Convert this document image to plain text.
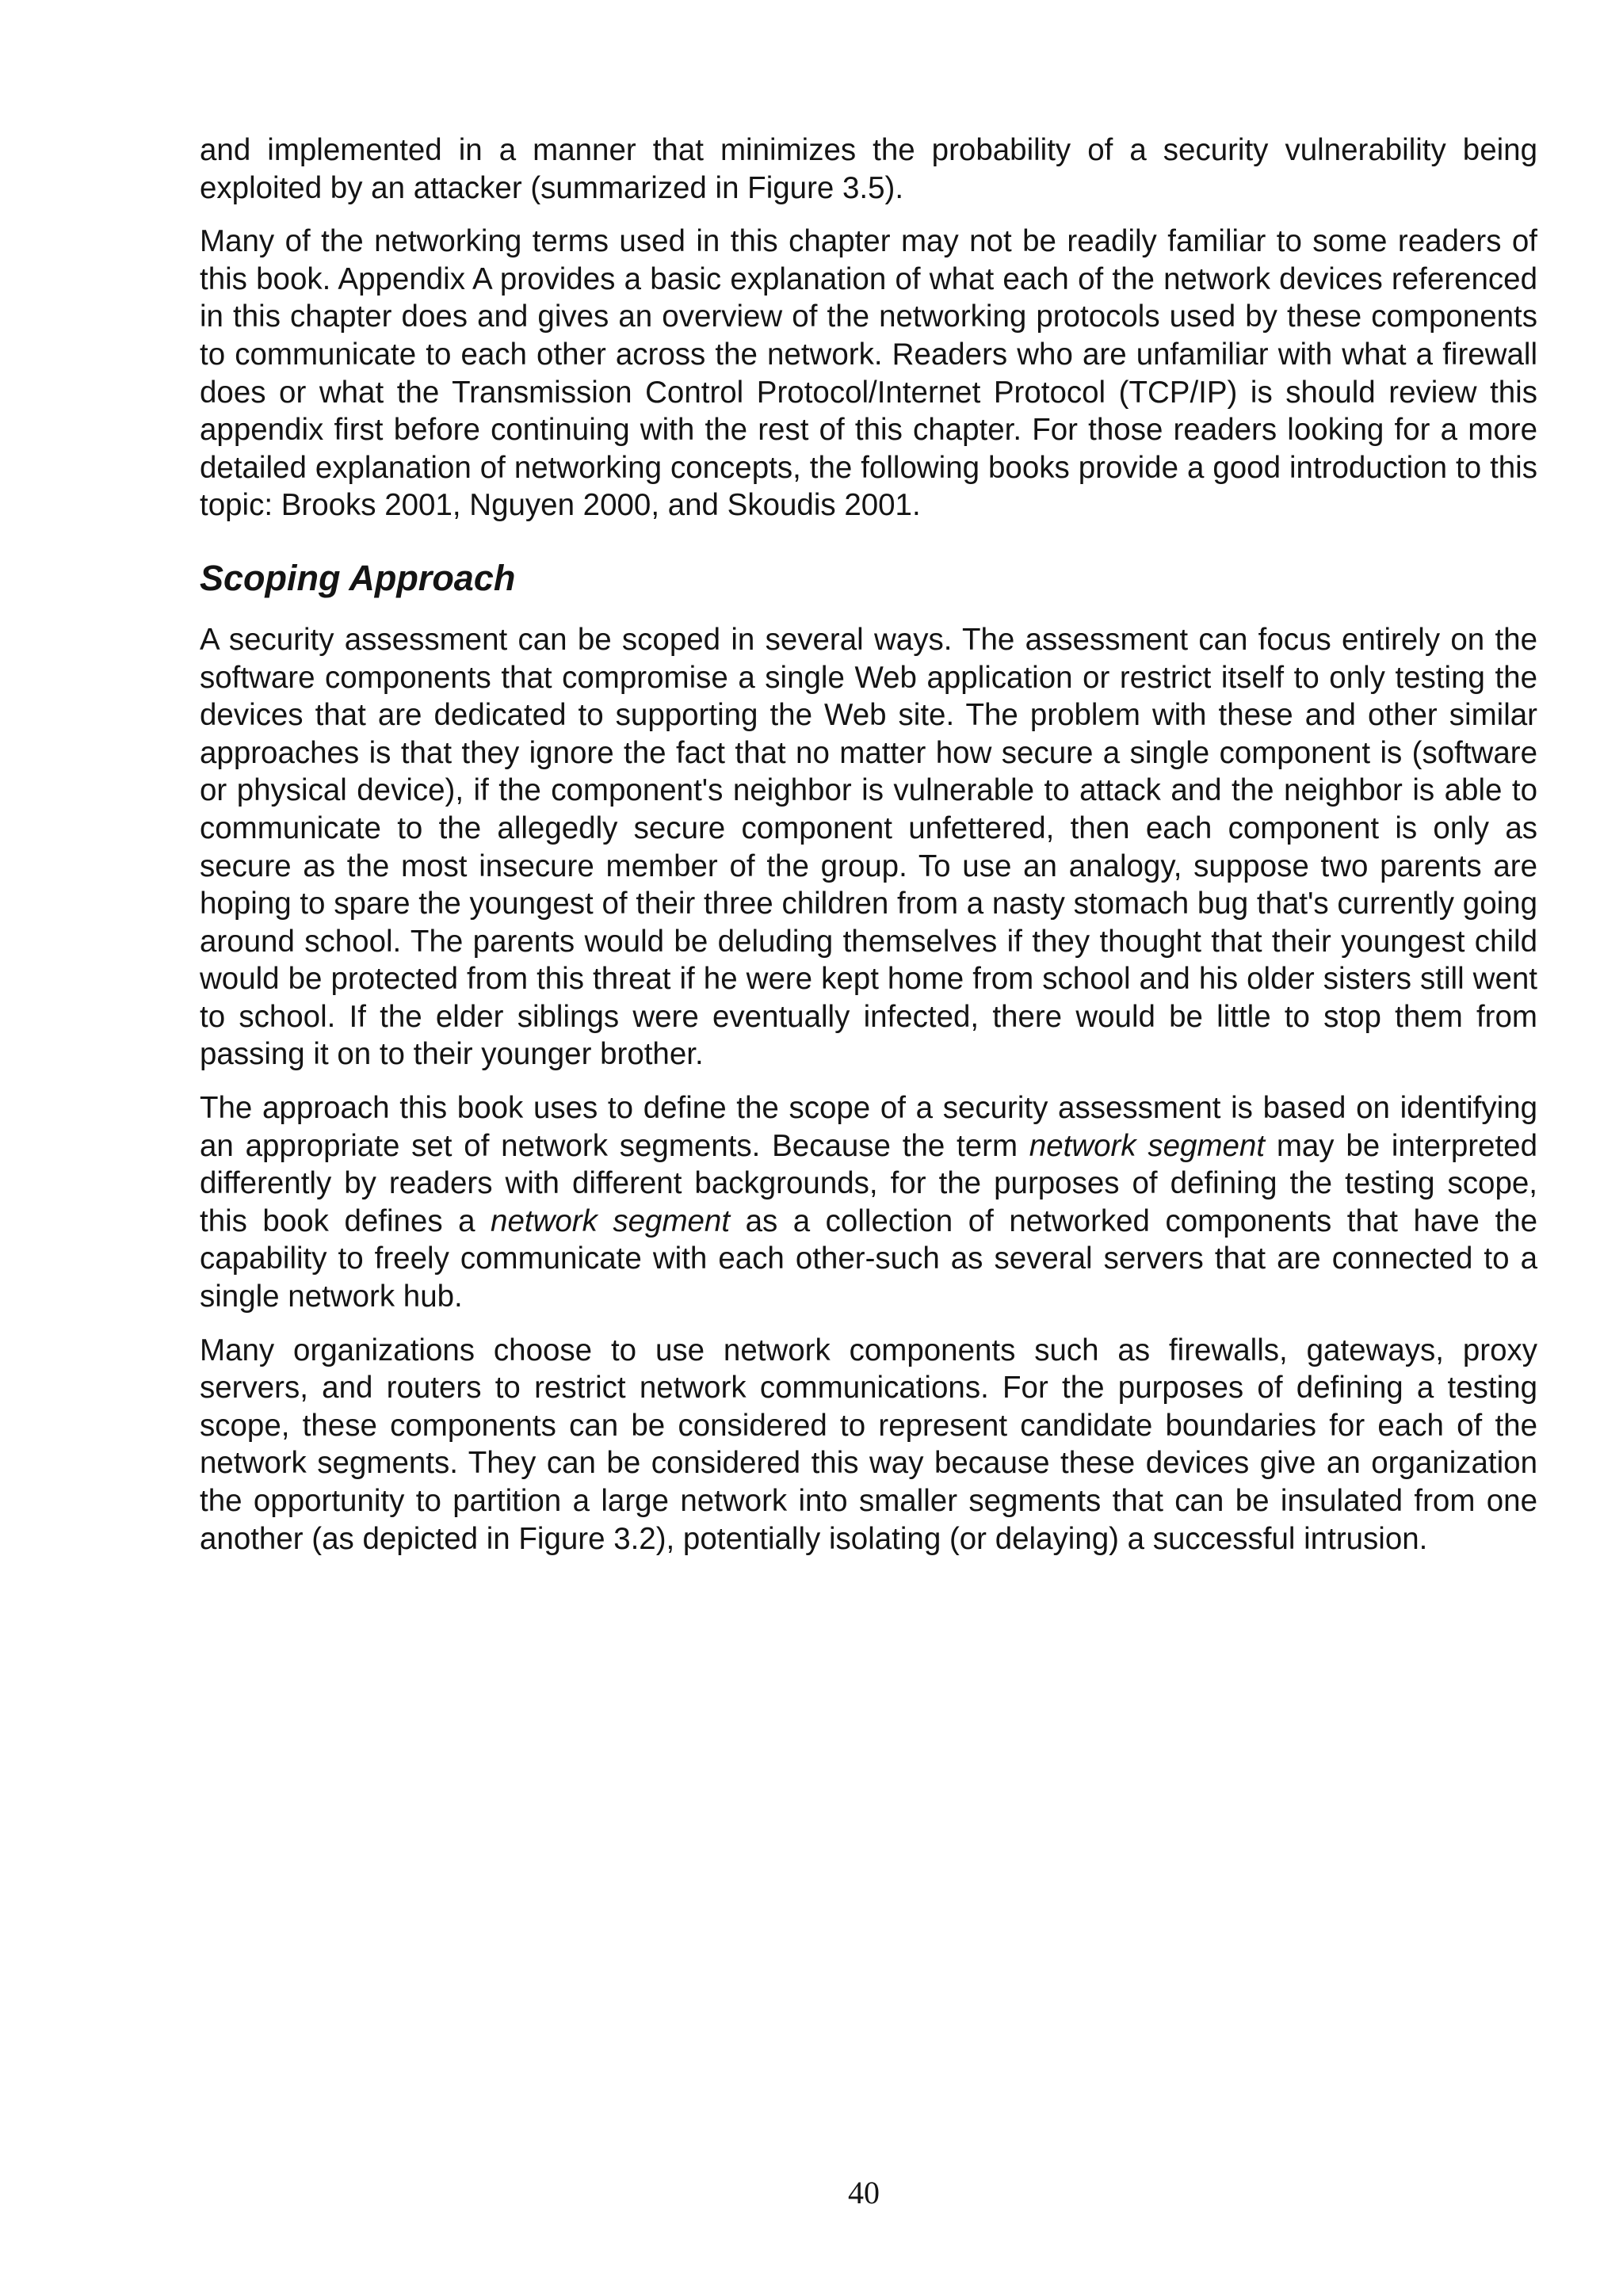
and implemented in a manner that minimizes the probability of a security vulnerability being exploited by an attacker (summarized in Figure 3.5).

Many of the networking terms used in this chapter may not be readily familiar to some readers of this book. Appendix A provides a basic explanation of what each of the network devices referenced in this chapter does and gives an overview of the networking protocols used by these components to communicate to each other across the network. Readers who are unfamiliar with what a firewall does or what the Transmission Control Protocol/Internet Protocol (TCP/IP) is should review this appendix first before continuing with the rest of this chapter. For those readers looking for a more detailed explanation of networking concepts, the following books provide a good introduction to this topic: Brooks 2001, Nguyen 2000, and Skoudis 2001.

Scoping Approach

A security assessment can be scoped in several ways. The assessment can focus entirely on the software components that compromise a single Web application or restrict itself to only testing the devices that are dedicated to supporting the Web site. The problem with these and other similar approaches is that they ignore the fact that no matter how secure a single component is (software or physical device), if the component's neighbor is vulnerable to attack and the neighbor is able to communicate to the allegedly secure component unfettered, then each component is only as secure as the most insecure member of the group. To use an analogy, suppose two parents are hoping to spare the youngest of their three children from a nasty stomach bug that's currently going around school. The parents would be deluding themselves if they thought that their youngest child would be protected from this threat if he were kept home from school and his older sisters still went to school. If the elder siblings were eventually infected, there would be little to stop them from passing it on to their younger brother.

The approach this book uses to define the scope of a security assessment is based on identifying an appropriate set of network segments. Because the term network segment may be interpreted differently by readers with different backgrounds, for the purposes of defining the testing scope, this book defines a network segment as a collection of networked components that have the capability to freely communicate with each other-such as several servers that are connected to a single network hub.

Many organizations choose to use network components such as firewalls, gateways, proxy servers, and routers to restrict network communications. For the purposes of defining a testing scope, these components can be considered to represent candidate boundaries for each of the network segments. They can be considered this way because these devices give an organization the opportunity to partition a large network into smaller segments that can be insulated from one another (as depicted in Figure 3.2), potentially isolating (or delaying) a successful intrusion.

40
